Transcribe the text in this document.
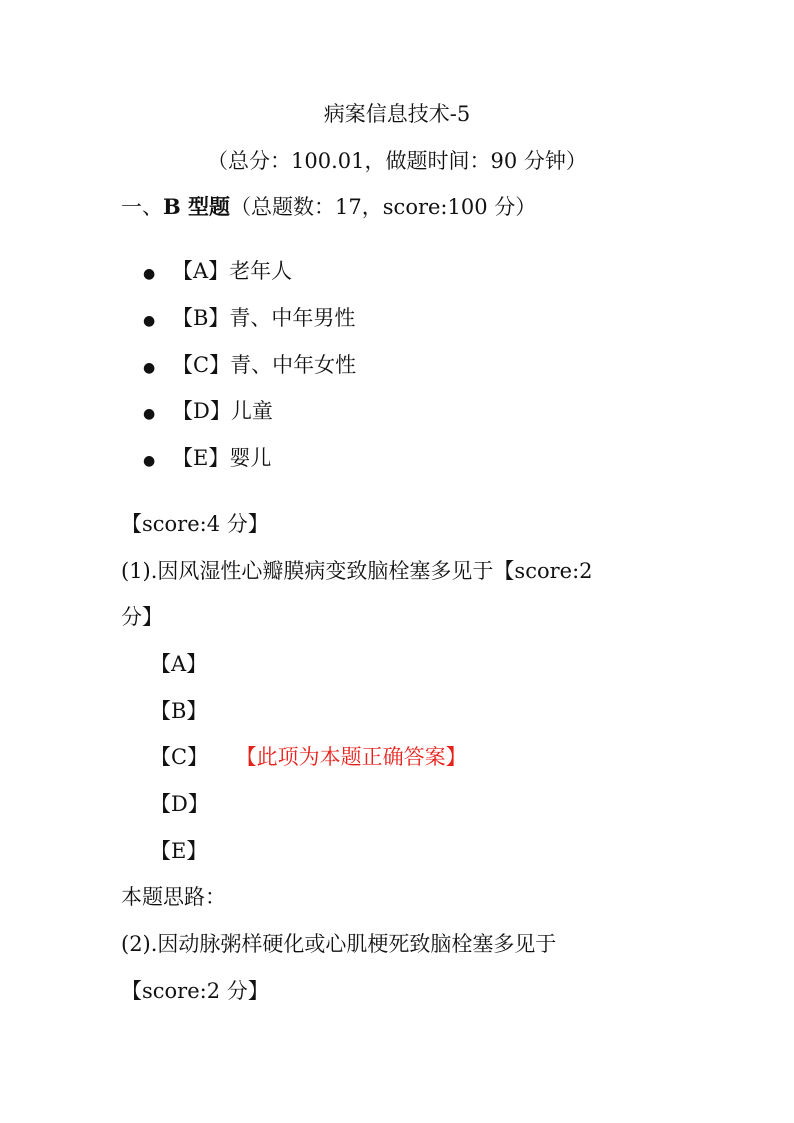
病案信息技术-5
（总分：100.01，做题时间：90 分钟）
一、B 型题（总题数：17，score:100 分）
● 【A】老年人
● 【B】青、中年男性
● 【C】青、中年女性
● 【D】儿童
● 【E】婴儿
【score:4 分】
(1).因风湿性心瓣膜病变致脑栓塞多见于【score:2
分】
【A】
【B】
【C】 【此项为本题正确答案】
【D】
【E】
本题思路：
(2).因动脉粥样硬化或心肌梗死致脑栓塞多见于
【score:2 分】
